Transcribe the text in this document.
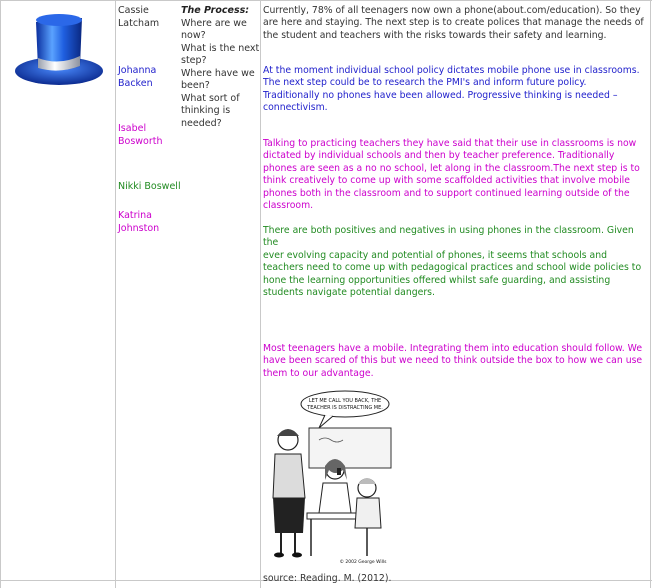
Cassie
Latcham
Johanna
Backen
Isabel
Bosworth
Nikki Boswell
Katrina
Johnston
The Process:
Where are we
now?
What is the next
step?
Where have we
been?
What sort of
thinking is
needed?

Currently, 78% of all teenagers now own a phone(about.com/education). So they

are here and staying. The next step is to create polices that manage the needs of

the student and teachers with the risks towards their safety and learning.

At the moment individual school policy dictates mobile phone use in classrooms.

The next step could be to research the PMI's and inform future policy.

Traditionally no phones have been allowed. Progressive thinking is needed –

connectivism.

Talking to practicing teachers they have said that their use in classrooms is now

dictated by individual schools and then by teacher preference. Traditionally

phones are seen as a no no school, let along in the classroom.The next step is to

think creatively to come up with some scaffolded activities that involve mobile

phones both in the classroom and to support continued learning outside of the

classroom.

There are both positives and negatives in using phones in the classroom. Given

the

ever evolving capacity and potential of phones, it seems that schools and

teachers need to come up with pedagogical practices and school wide policies to

hone the learning opportunities offered whilst safe guarding, and assisting

students navigate potential dangers.

Most teenagers have a mobile. Integrating them into education should follow. We

have been scared of this but we need to think outside the box to how we can use

them to our advantage.

source: Reading. M. (2012).
LET ME CALL YOU BACK, THE
TEACHER IS DISTRACTING ME.
© 2002 George Wills
